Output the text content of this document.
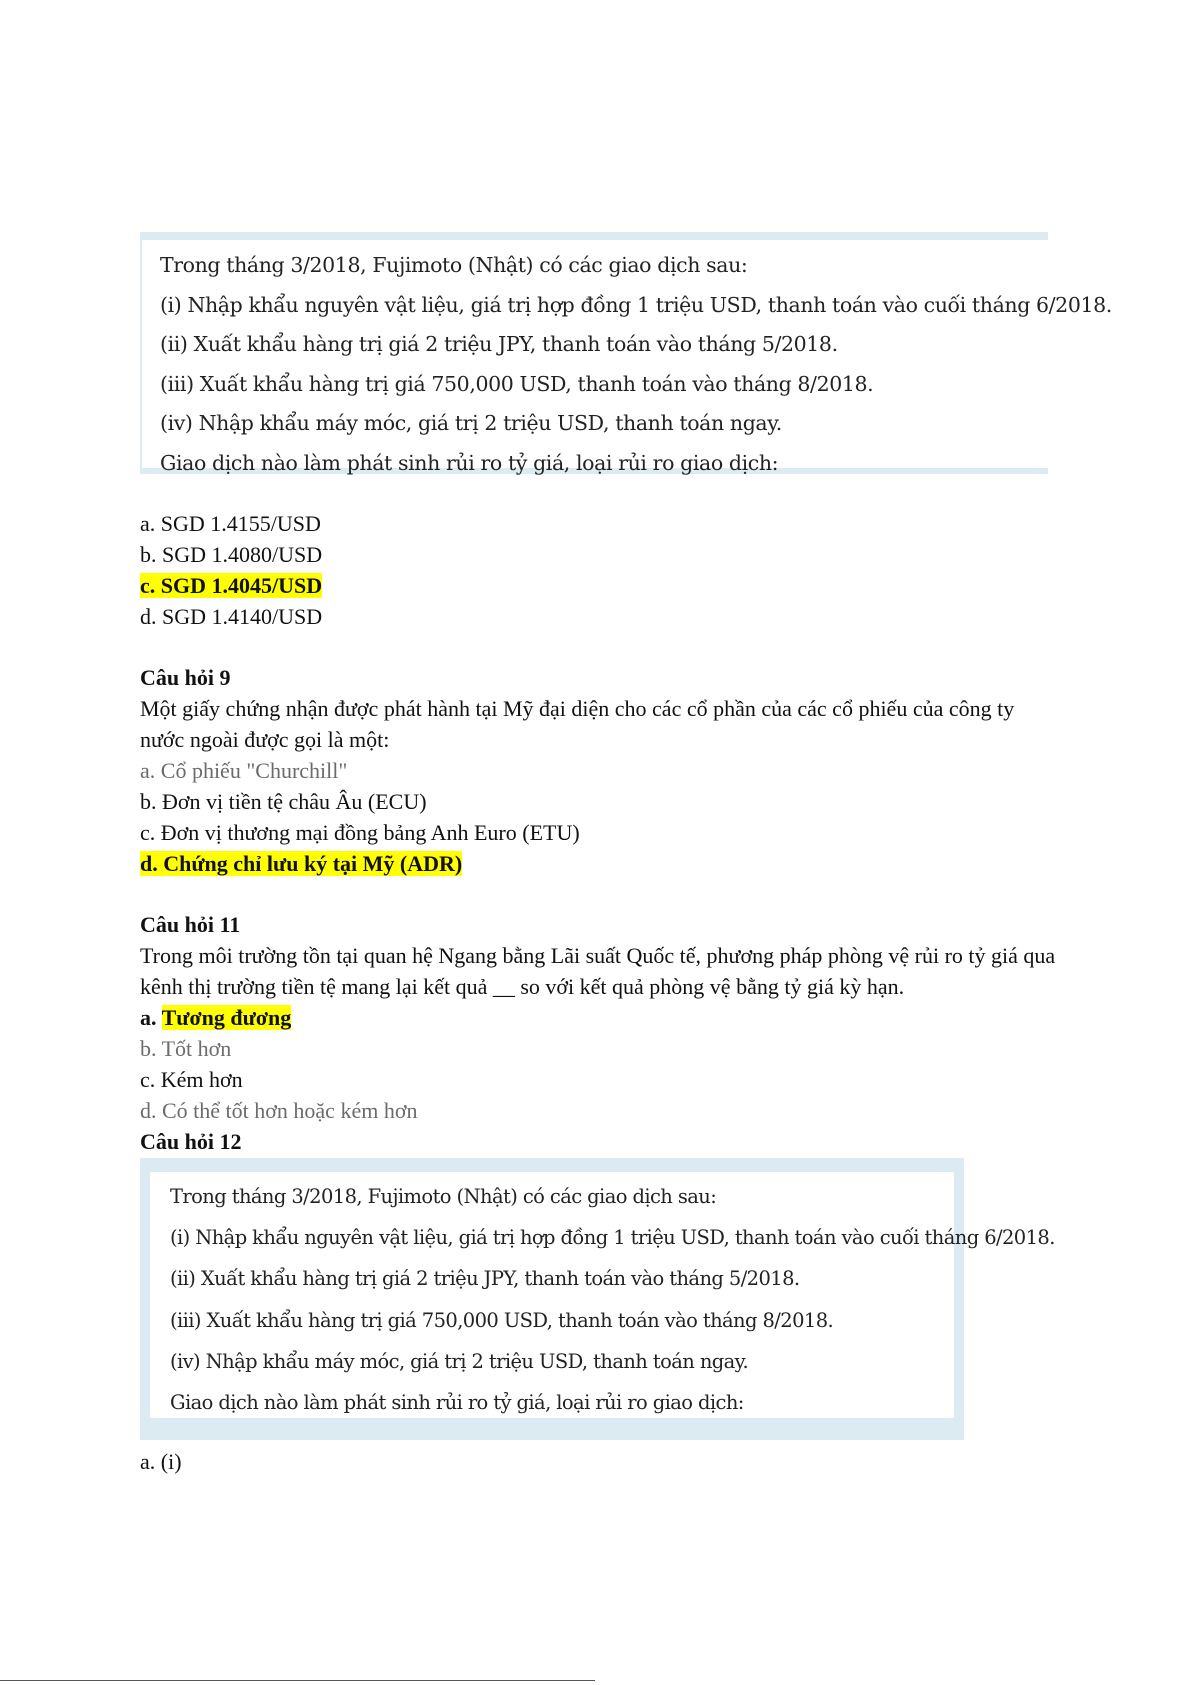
Trong tháng 3/2018, Fujimoto (Nhật) có các giao dịch sau:
(i) Nhập khẩu nguyên vật liệu, giá trị hợp đồng 1 triệu USD, thanh toán vào cuối tháng 6/2018.
(ii) Xuất khẩu hàng trị giá 2 triệu JPY, thanh toán vào tháng 5/2018.
(iii) Xuất khẩu hàng trị giá 750,000 USD, thanh toán vào tháng 8/2018.
(iv) Nhập khẩu máy móc, giá trị 2 triệu USD, thanh toán ngay.
Giao dịch nào làm phát sinh rủi ro tỷ giá, loại rủi ro giao dịch:
a. SGD 1.4155/USD
b. SGD 1.4080/USD
c. SGD 1.4045/USD
d. SGD 1.4140/USD
Câu hỏi 9
Một giấy chứng nhận được phát hành tại Mỹ đại diện cho các cổ phần của các cổ phiếu của công ty nước ngoài được gọi là một:
a. Cổ phiếu "Churchill"
b. Đơn vị tiền tệ châu Âu (ECU)
c. Đơn vị thương mại đồng bảng Anh Euro (ETU)
d. Chứng chỉ lưu ký tại Mỹ (ADR)
Câu hỏi 11
Trong môi trường tồn tại quan hệ Ngang bằng Lãi suất Quốc tế, phương pháp phòng vệ rủi ro tỷ giá qua kênh thị trường tiền tệ mang lại kết quả __ so với kết quả phòng vệ bằng tỷ giá kỳ hạn.
a. Tương đương
b. Tốt hơn
c. Kém hơn
d. Có thể tốt hơn hoặc kém hơn
Câu hỏi 12
Trong tháng 3/2018, Fujimoto (Nhật) có các giao dịch sau:
(i) Nhập khẩu nguyên vật liệu, giá trị hợp đồng 1 triệu USD, thanh toán vào cuối tháng 6/2018.
(ii) Xuất khẩu hàng trị giá 2 triệu JPY, thanh toán vào tháng 5/2018.
(iii) Xuất khẩu hàng trị giá 750,000 USD, thanh toán vào tháng 8/2018.
(iv) Nhập khẩu máy móc, giá trị 2 triệu USD, thanh toán ngay.
Giao dịch nào làm phát sinh rủi ro tỷ giá, loại rủi ro giao dịch:
a. (i)
